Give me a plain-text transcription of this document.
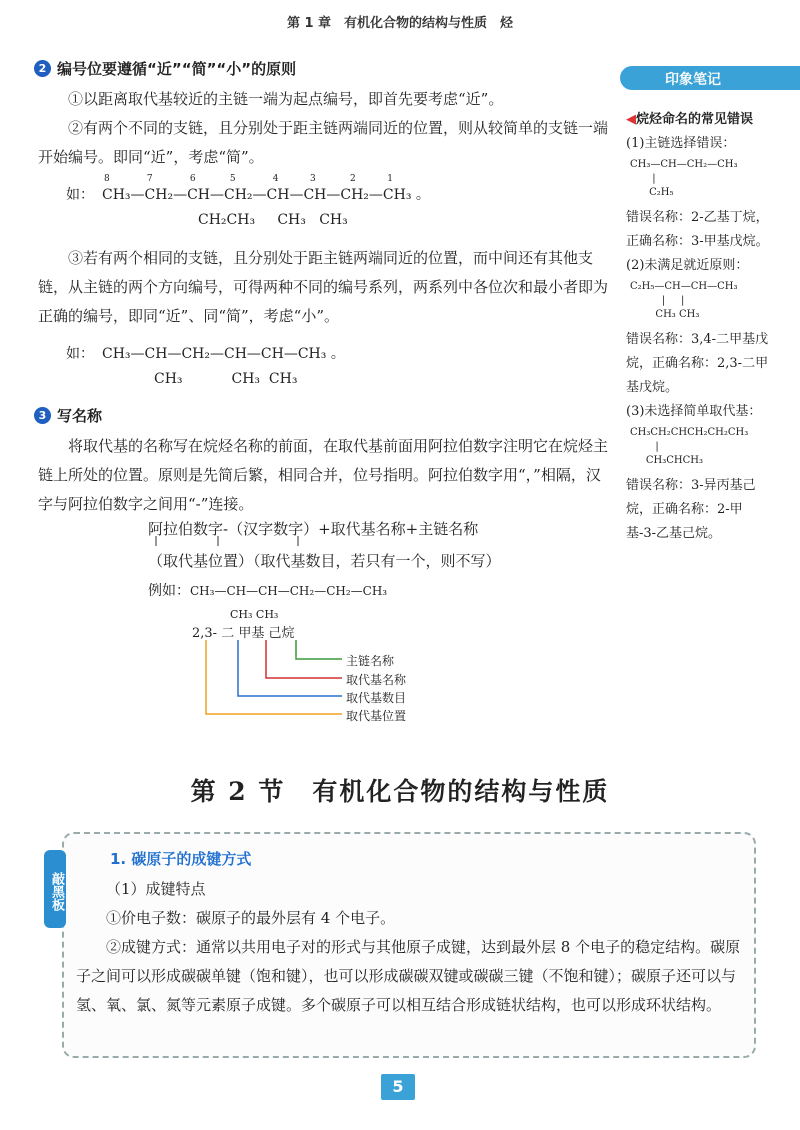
第 1 章　有机化合物的结构与性质　烃
2 编号位要遵循“近”“简”“小”的原则

①以距离取代基较近的主链一端为起点编号，即首先要考虑“近”。

②有两个不同的支链，且分别处于距主链两端同近的位置，则从较简单的支链一端开始编号。即同“近”，考虑“简”。

如： CH₃—CH₂—CH—CH₂—CH—CH—CH₂—CH₃ 。
8             7             6            5             4           3            2           1
CH₂CH₃     CH₃   CH₃

③若有两个相同的支链，且分别处于距主链两端同近的位置，而中间还有其他支链，从主链的两个方向编号，可得两种不同的编号系列，两系列中各位次和最小者即为正确的编号，即同“近”、同“简”，考虑“小”。

如： CH₃—CH—CH₂—CH—CH—CH₃ 。
CH₃           CH₃  CH₃
3 写名称

将取代基的名称写在烷烃名称的前面，在取代基前面用阿拉伯数字注明它在烷烃主链上所处的位置。原则是先简后繁，相同合并，位号指明。阿拉伯数字用“，”相隔，汉字与阿拉伯数字之间用“-”连接。

阿拉伯数字-（汉字数字）+取代基名称+主链名称
（取代基位置）（取代基数目，若只有一个，则不写）
例如：CH₃—CH—CH—CH₂—CH₂—CH₃
CH₃ CH₃
2,3- 二 甲基 己烷
主链名称
取代基名称
取代基数目
取代基位置
印象笔记
◀烷烃命名的常见错误
(1)主链选择错误：
CH₃—CH—CH₂—CH₃
|
C₂H₅
错误名称：2-乙基丁烷，正确名称：3-甲基戊烷。
(2)未满足就近原则：
C₂H₅—CH—CH—CH₃
|     |
CH₃ CH₃
错误名称：3,4-二甲基戊烷，正确名称：2,3-二甲基戊烷。
(3)未选择简单取代基：
CH₃CH₂CHCH₂CH₂CH₃
|
CH₃CHCH₃
错误名称：3-异丙基己烷，正确名称：2-甲基-3-乙基己烷。
第 2 节　有机化合物的结构与性质
敲黑板
1. 碳原子的成键方式

（1）成键特点

①价电子数：碳原子的最外层有 4 个电子。

②成键方式：通常以共用电子对的形式与其他原子成键，达到最外层 8 个电子的稳定结构。碳原子之间可以形成碳碳单键（饱和键），也可以形成碳碳双键或碳碳三键（不饱和键）；碳原子还可以与氢、氧、氯、氮等元素原子成键。多个碳原子可以相互结合形成链状结构，也可以形成环状结构。

5
